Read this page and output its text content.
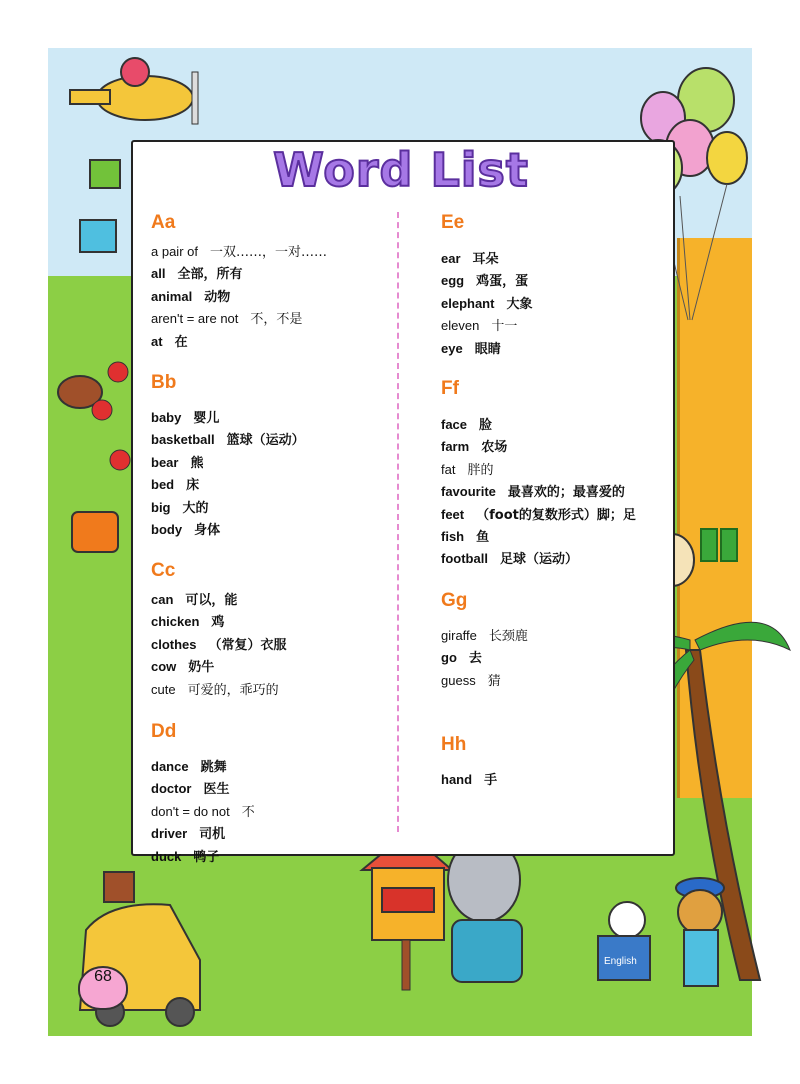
English
Word List
Aa
a pair of 一双……，一对……
all 全部，所有
animal 动物
aren't = are not 不，不是
at 在
Bb
baby 婴儿
basketball 篮球（运动）
bear 熊
bed 床
big 大的
body 身体
Cc
can 可以，能
chicken 鸡
clothes （常复）衣服
cow 奶牛
cute 可爱的，乖巧的
Dd
dance 跳舞
doctor 医生
don't = do not 不
driver 司机
duck 鸭子
Ee
ear 耳朵
egg 鸡蛋，蛋
elephant 大象
eleven 十一
eye 眼睛
Ff
face 脸
farm 农场
fat 胖的
favourite 最喜欢的；最喜爱的
feet （foot的复数形式）脚；足
fish 鱼
football 足球（运动）
Gg
giraffe 长颈鹿
go 去
guess 猜
Hh
hand 手
68
